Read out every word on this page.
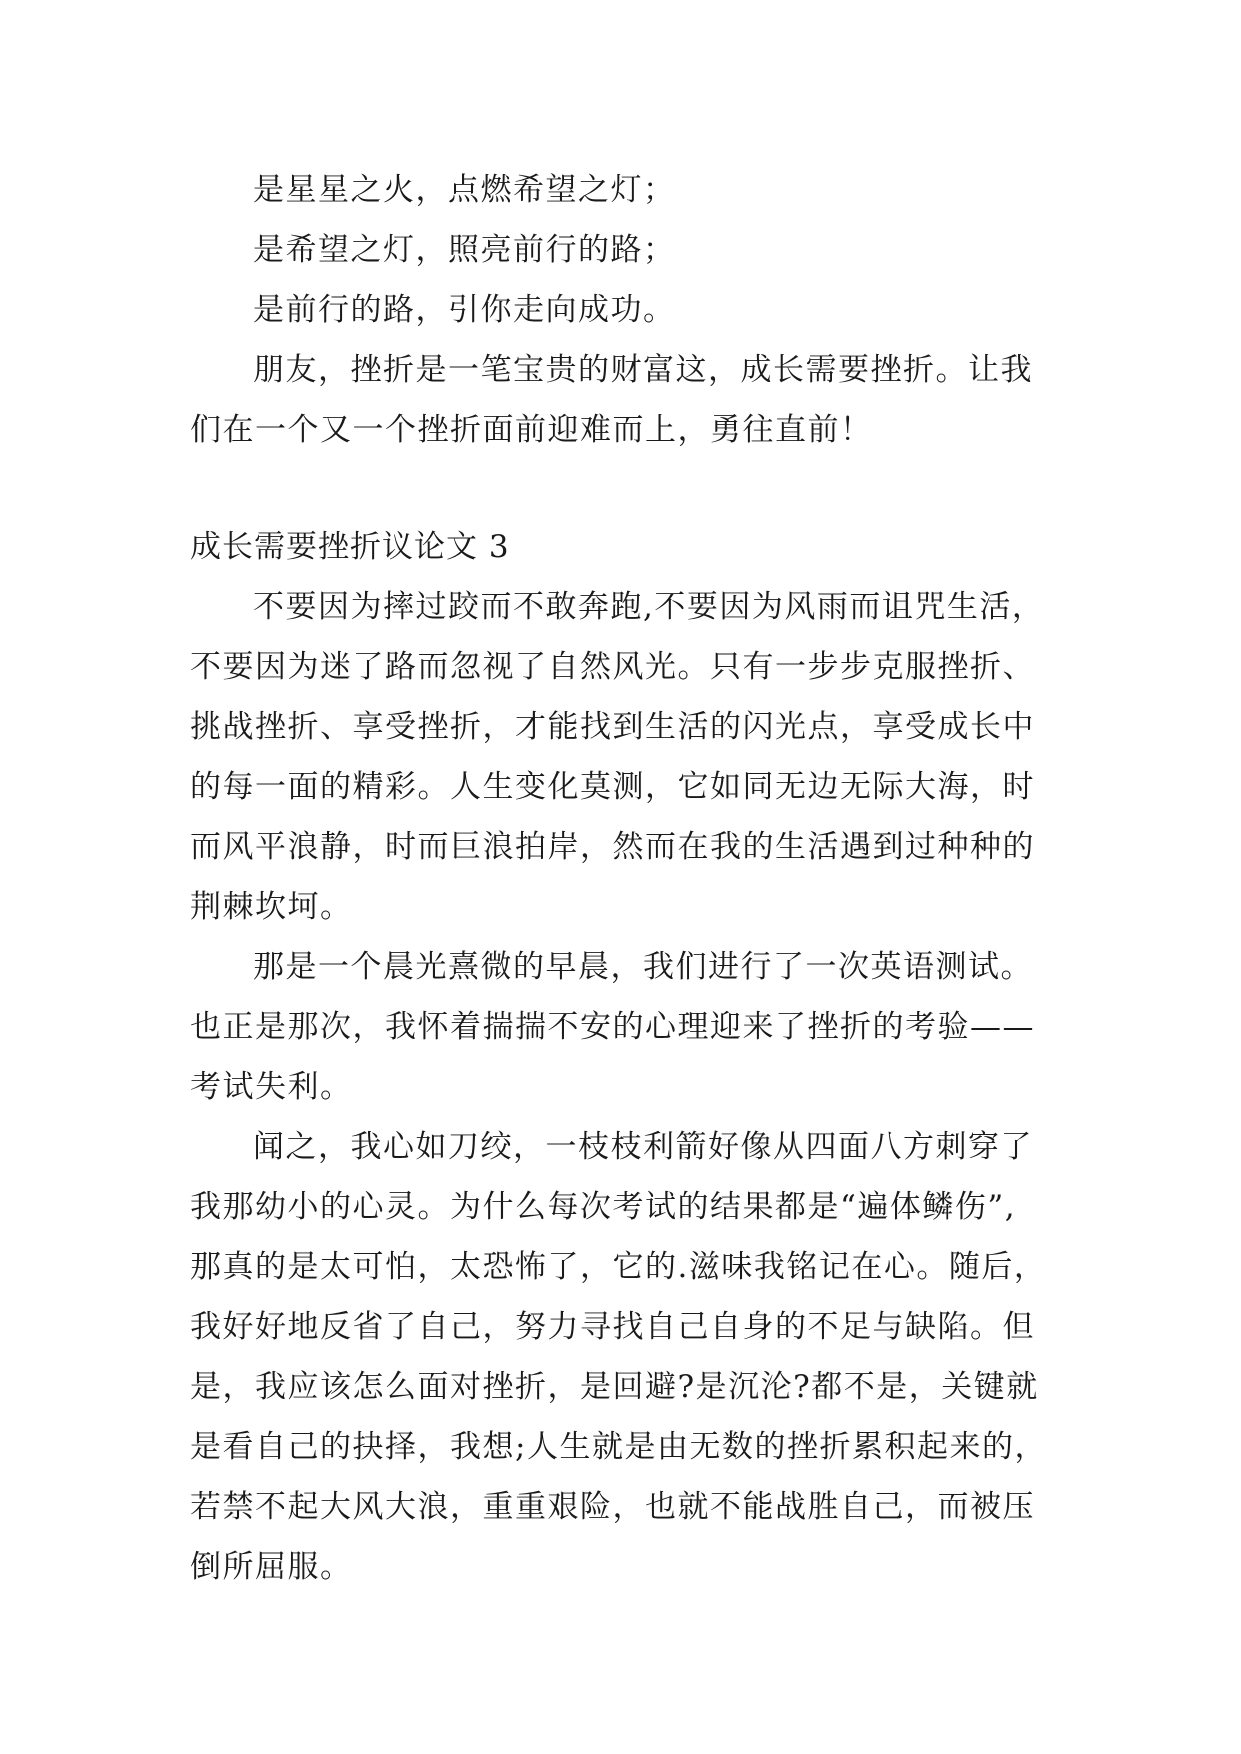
是星星之火，点燃希望之灯；

是希望之灯，照亮前行的路；

是前行的路，引你走向成功。

朋友，挫折是一笔宝贵的财富这，成长需要挫折。让我
们在一个又一个挫折面前迎难而上，勇往直前！

成长需要挫折议论文 3

不要因为摔过跤而不敢奔跑,不要因为风雨而诅咒生活，
不要因为迷了路而忽视了自然风光。只有一步步克服挫折、
挑战挫折、享受挫折，才能找到生活的闪光点，享受成长中
的每一面的精彩。人生变化莫测，它如同无边无际大海，时
而风平浪静，时而巨浪拍岸，然而在我的生活遇到过种种的
荆棘坎坷。
那是一个晨光熹微的早晨，我们进行了一次英语测试。
也正是那次，我怀着揣揣不安的心理迎来了挫折的考验——
考试失利。
闻之，我心如刀绞，一枝枝利箭好像从四面八方刺穿了
我那幼小的心灵。为什么每次考试的结果都是“遍体鳞伤”,
那真的是太可怕，太恐怖了，它的.滋味我铭记在心。随后，
我好好地反省了自己，努力寻找自己自身的不足与缺陷。但
是，我应该怎么面对挫折，是回避?是沉沦?都不是，关键就
是看自己的抉择，我想;人生就是由无数的挫折累积起来的，
若禁不起大风大浪，重重艰险，也就不能战胜自己，而被压
倒所屈服。
